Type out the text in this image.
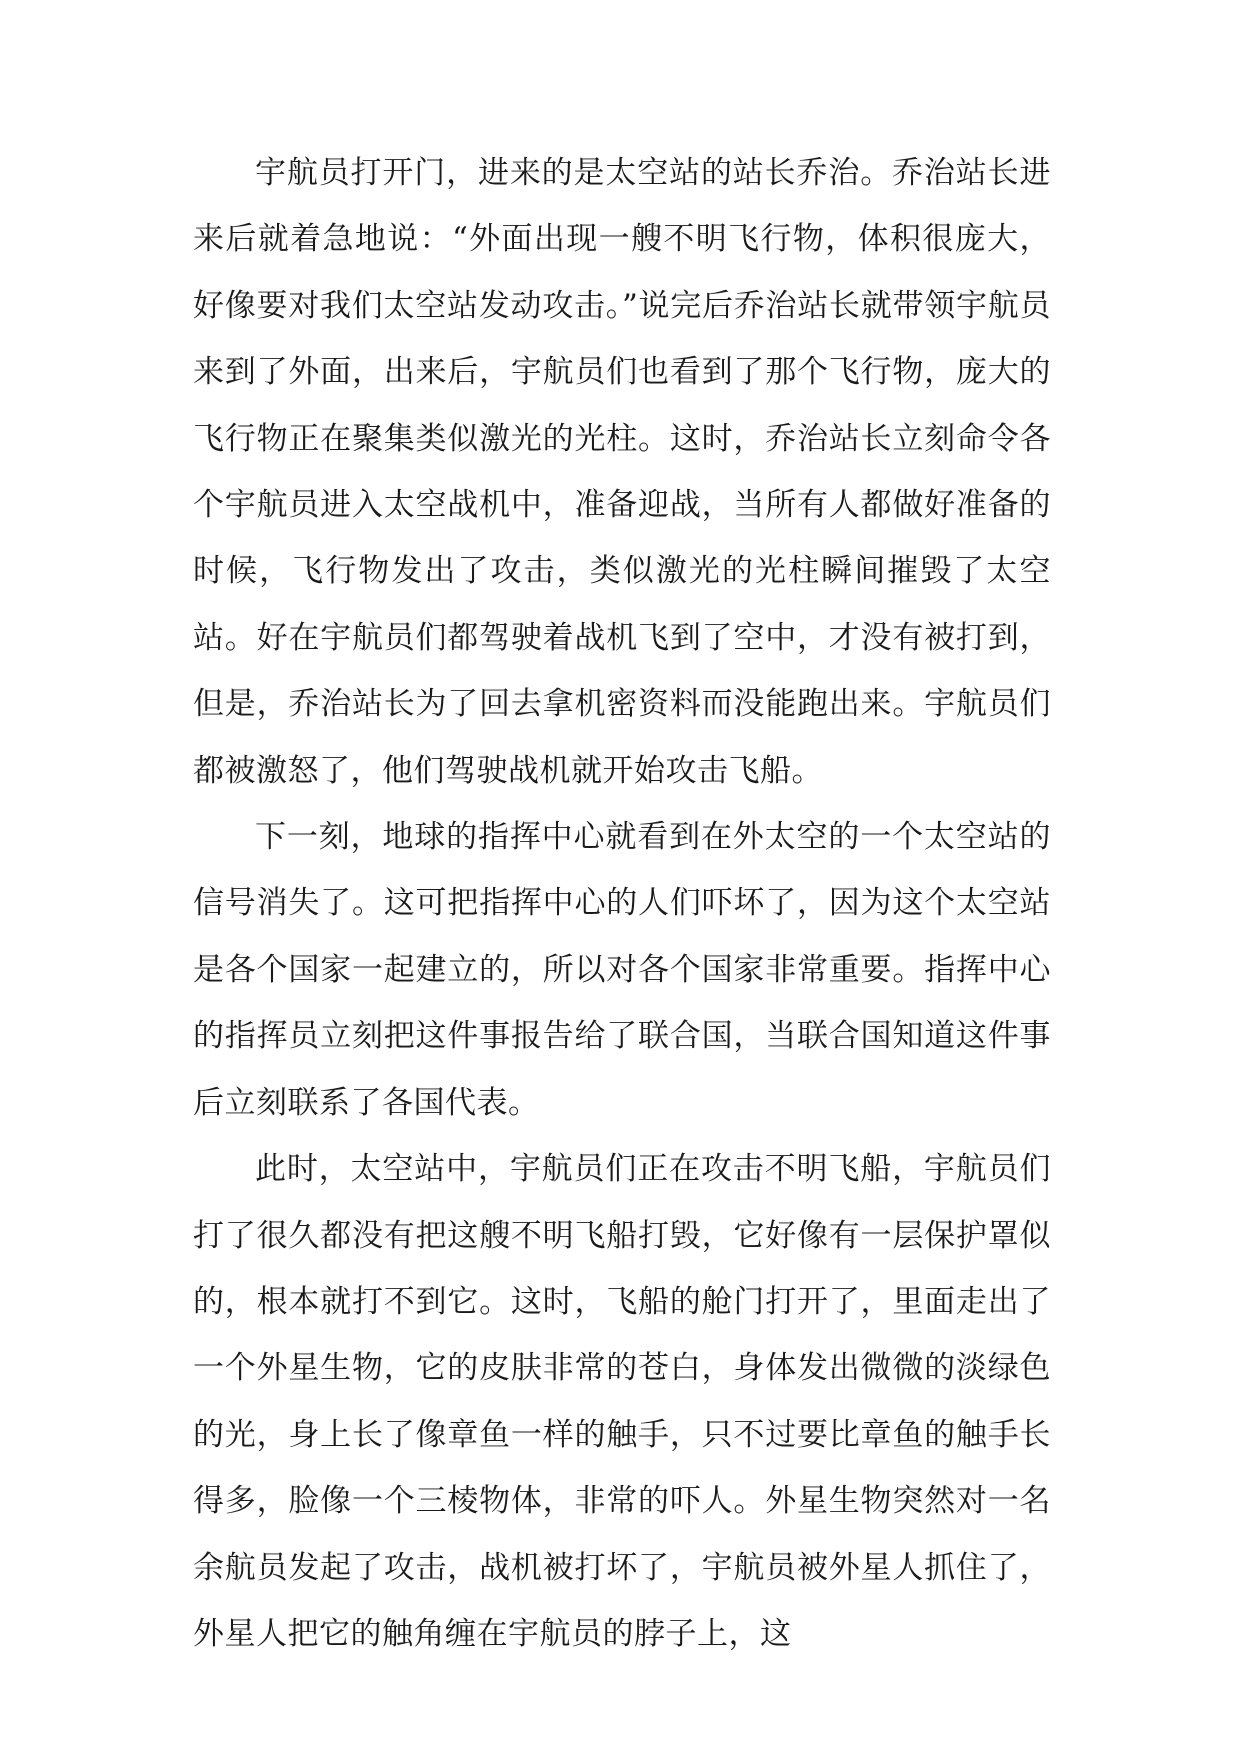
宇航员打开门，进来的是太空站的站长乔治。乔治站长进来后就着急地说：“外面出现一艘不明飞行物，体积很庞大，好像要对我们太空站发动攻击。”说完后乔治站长就带领宇航员来到了外面，出来后，宇航员们也看到了那个飞行物，庞大的飞行物正在聚集类似激光的光柱。这时，乔治站长立刻命令各个宇航员进入太空战机中，准备迎战，当所有人都做好准备的时候，飞行物发出了攻击，类似激光的光柱瞬间摧毁了太空站。好在宇航员们都驾驶着战机飞到了空中，才没有被打到，但是，乔治站长为了回去拿机密资料而没能跑出来。宇航员们都被激怒了，他们驾驶战机就开始攻击飞船。

下一刻，地球的指挥中心就看到在外太空的一个太空站的信号消失了。这可把指挥中心的人们吓坏了，因为这个太空站是各个国家一起建立的，所以对各个国家非常重要。指挥中心的指挥员立刻把这件事报告给了联合国，当联合国知道这件事后立刻联系了各国代表。

此时，太空站中，宇航员们正在攻击不明飞船，宇航员们打了很久都没有把这艘不明飞船打毁，它好像有一层保护罩似的，根本就打不到它。这时，飞船的舱门打开了，里面走出了一个外星生物，它的皮肤非常的苍白，身体发出微微的淡绿色的光，身上长了像章鱼一样的触手，只不过要比章鱼的触手长得多，脸像一个三棱物体，非常的吓人。外星生物突然对一名余航员发起了攻击，战机被打坏了，宇航员被外星人抓住了，外星人把它的触角缠在宇航员的脖子上，这
